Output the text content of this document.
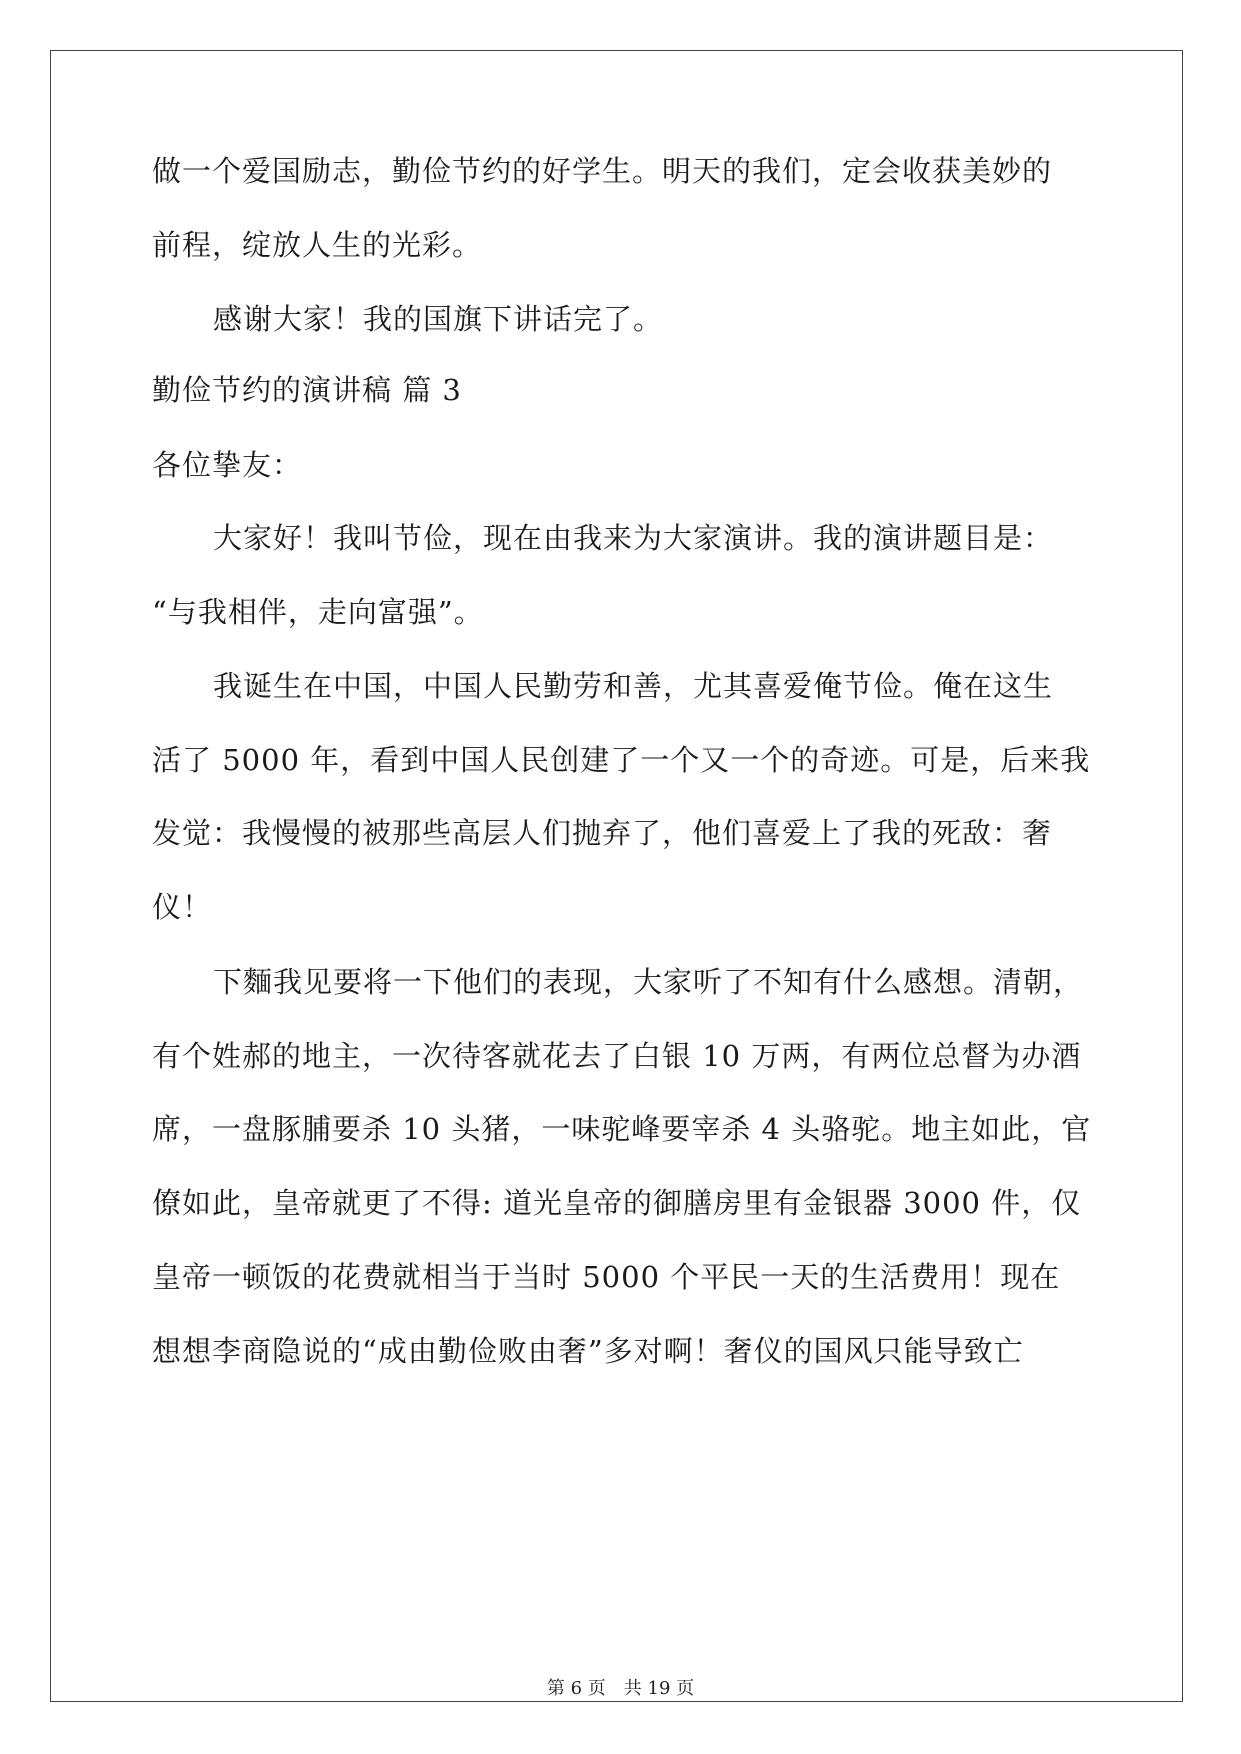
做一个爱国励志，勤俭节约的好学生。明天的我们，定会收获美妙的

前程，绽放人生的光彩。

感谢大家！我的国旗下讲话完了。

勤俭节约的演讲稿 篇 3

各位挚友：

大家好！我叫节俭，现在由我来为大家演讲。我的演讲题目是：

“与我相伴，走向富强”。

我诞生在中国，中国人民勤劳和善，尤其喜爱俺节俭。俺在这生

活了 5000 年，看到中国人民创建了一个又一个的奇迹。可是，后来我

发觉：我慢慢的被那些高层人们抛弃了，他们喜爱上了我的死敌：奢

仪！

下麵我见要将一下他们的表现，大家听了不知有什么感想。清朝，

有个姓郝的地主，一次待客就花去了白银 10 万两，有两位总督为办酒

席，一盘豚脯要杀 10 头猪，一味驼峰要宰杀 4 头骆驼。地主如此，官

僚如此，皇帝就更了不得: 道光皇帝的御膳房里有金银器 3000 件，仅

皇帝一顿饭的花费就相当于当时 5000 个平民一天的生活费用！现在

想想李商隐说的“成由勤俭败由奢”多对啊！奢仪的国风只能导致亡

第 6 页 共 19 页
